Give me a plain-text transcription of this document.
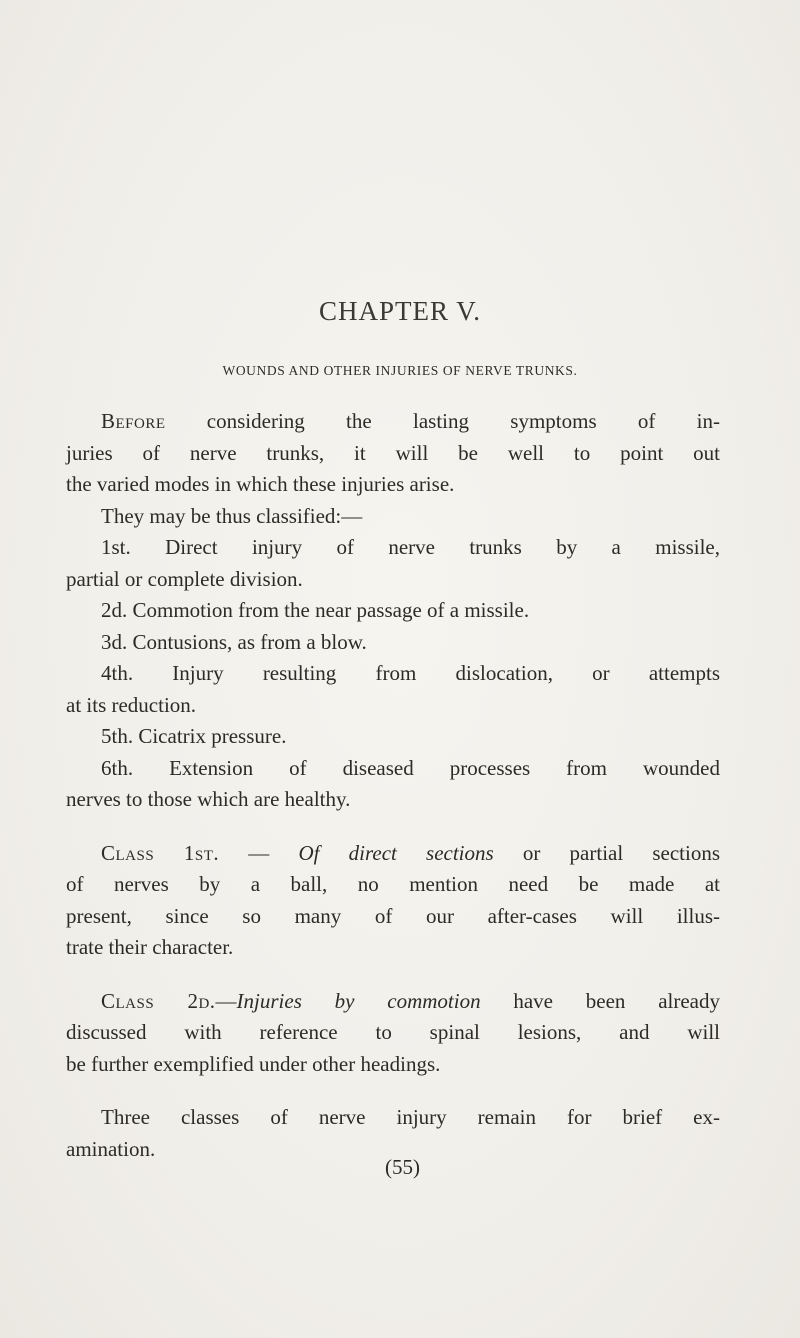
CHAPTER V.
WOUNDS AND OTHER INJURIES OF NERVE TRUNKS.
Before considering the lasting symptoms of in-
juries of nerve trunks, it will be well to point out
the varied modes in which these injuries arise.
They may be thus classified:—
1st. Direct injury of nerve trunks by a missile,
partial or complete division.
2d. Commotion from the near passage of a missile.
3d. Contusions, as from a blow.
4th. Injury resulting from dislocation, or attempts
at its reduction.
5th. Cicatrix pressure.
6th. Extension of diseased processes from wounded
nerves to those which are healthy.
Class 1st. — Of direct sections or partial sections
of nerves by a ball, no mention need be made at
present, since so many of our after-cases will illus-
trate their character.
Class 2d.—Injuries by commotion have been already
discussed with reference to spinal lesions, and will
be further exemplified under other headings.
Three classes of nerve injury remain for brief ex-
amination.

(55)
